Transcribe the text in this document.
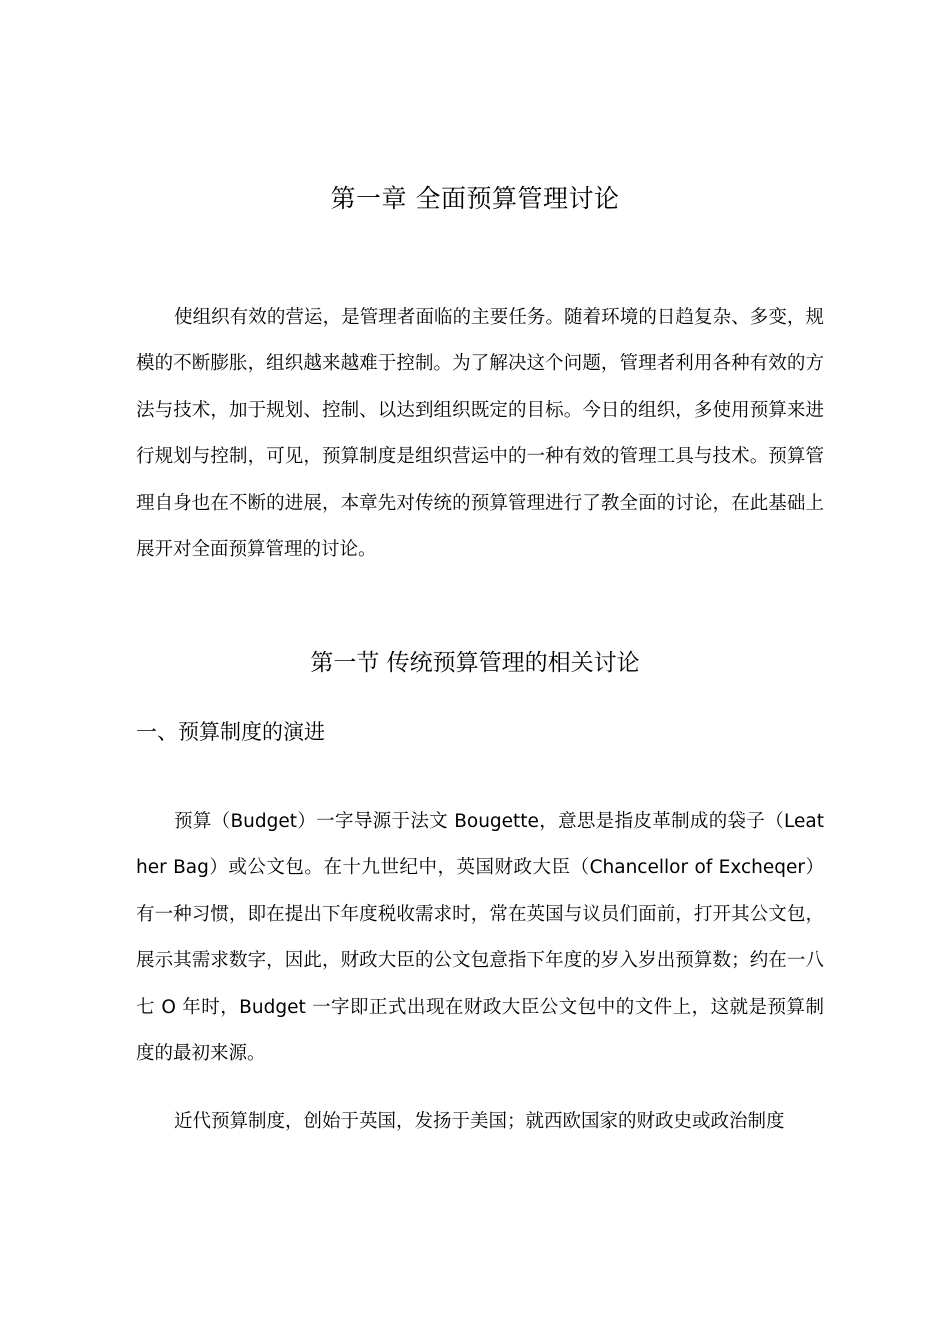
第一章 全面预算管理讨论

使组织有效的营运，是管理者面临的主要任务。随着环境的日趋复杂、多变，规模的不断膨胀，组织越来越难于控制。为了解决这个问题，管理者利用各种有效的方法与技术，加于规划、控制、以达到组织既定的目标。今日的组织，多使用预算来进行规划与控制，可见，预算制度是组织营运中的一种有效的管理工具与技术。预算管理自身也在不断的进展，本章先对传统的预算管理进行了教全面的讨论，在此基础上展开对全面预算管理的讨论。

第一节 传统预算管理的相关讨论
一、预算制度的演进

预算（Budget）一字导源于法文 Bougette，意思是指皮革制成的袋子（Leather Bag）或公文包。在十九世纪中，英国财政大臣（Chancellor of Excheqer）有一种习惯，即在提出下年度税收需求时，常在英国与议员们面前，打开其公文包，展示其需求数字，因此，财政大臣的公文包意指下年度的岁入岁出预算数；约在一八七 O 年时，Budget 一字即正式出现在财政大臣公文包中的文件上，这就是预算制度的最初来源。

近代预算制度，创始于英国，发扬于美国；就西欧国家的财政史或政治制度
